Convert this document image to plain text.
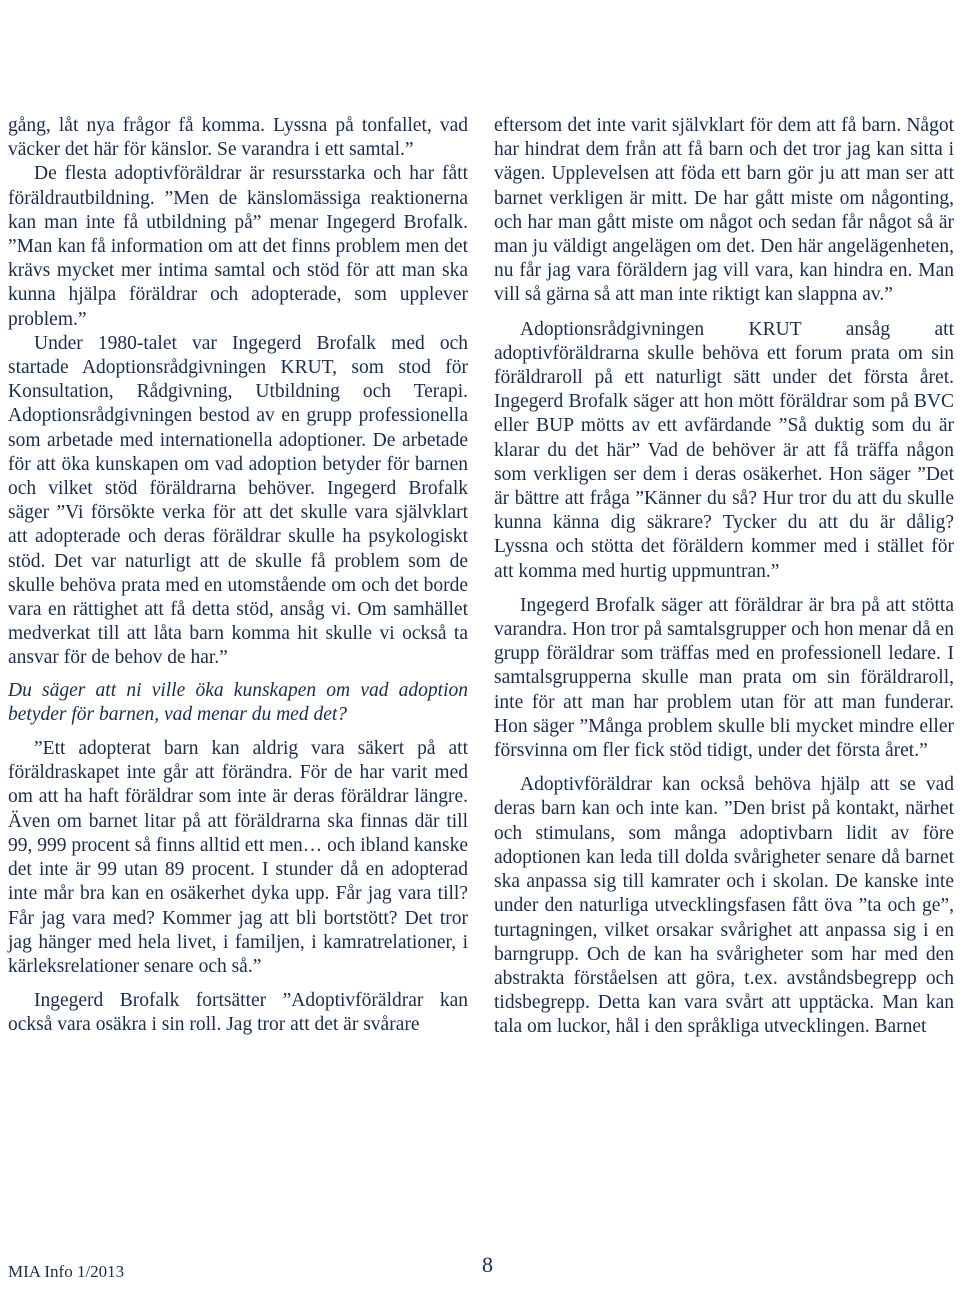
gång, låt nya frågor få komma. Lyssna på tonfallet, vad väcker det här för känslor. Se varandra i ett samtal.”

De flesta adoptivföräldrar är resursstarka och har fått föräldrautbildning. ”Men de känslomässiga reaktionerna kan man inte få utbildning på” menar Ingegerd Brofalk. ”Man kan få information om att det finns problem men det krävs mycket mer intima samtal och stöd för att man ska kunna hjälpa föräldrar och adopterade, som upplever problem.”

Under 1980-talet var Ingegerd Brofalk med och startade Adoptionsrådgivningen KRUT, som stod för Konsultation, Rådgivning, Utbildning och Terapi. Adoptionsrådgivningen bestod av en grupp professionella som arbetade med internationella adoptioner. De arbetade för att öka kunskapen om vad adoption betyder för barnen och vilket stöd föräldrarna behöver. Ingegerd Brofalk säger ”Vi försökte verka för att det skulle vara självklart att adopterade och deras föräldrar skulle ha psykologiskt stöd. Det var naturligt att de skulle få problem som de skulle behöva prata med en utomstående om och det borde vara en rättighet att få detta stöd, ansåg vi. Om samhället medverkat till att låta barn komma hit skulle vi också ta ansvar för de behov de har.”

Du säger att ni ville öka kunskapen om vad adoption betyder för barnen, vad menar du med det?

”Ett adopterat barn kan aldrig vara säkert på att föräldraskapet inte går att förändra. För de har varit med om att ha haft föräldrar som inte är deras föräldrar längre. Även om barnet litar på att föräldrarna ska finnas där till 99, 999 procent så finns alltid ett men… och ibland kanske det inte är 99 utan 89 procent. I stunder då en adopterad inte mår bra kan en osäkerhet dyka upp. Får jag vara till? Får jag vara med? Kommer jag att bli bortstött? Det tror jag hänger med hela livet, i familjen, i kamratrelationer, i kärleksrelationer senare och så.”

Ingegerd Brofalk fortsätter ”Adoptivföräldrar kan också vara osäkra i sin roll. Jag tror att det är svårare

eftersom det inte varit självklart för dem att få barn. Något har hindrat dem från att få barn och det tror jag kan sitta i vägen. Upplevelsen att föda ett barn gör ju att man ser att barnet verkligen är mitt. De har gått miste om någonting, och har man gått miste om något och sedan får något så är man ju väldigt angelägen om det. Den här angelägenheten, nu får jag vara föräldern jag vill vara, kan hindra en. Man vill så gärna så att man inte riktigt kan slappna av.”

Adoptionsrådgivningen KRUT ansåg att adoptivföräldrarna skulle behöva ett forum prata om sin föräldraroll på ett naturligt sätt under det första året. Ingegerd Brofalk säger att hon mött föräldrar som på BVC eller BUP mötts av ett avfärdande ”Så duktig som du är klarar du det här” Vad de behöver är att få träffa någon som verkligen ser dem i deras osäkerhet. Hon säger ”Det är bättre att fråga ”Känner du så? Hur tror du att du skulle kunna känna dig säkrare? Tycker du att du är dålig? Lyssna och stötta det föräldern kommer med i stället för att komma med hurtig uppmuntran.”

Ingegerd Brofalk säger att föräldrar är bra på att stötta varandra. Hon tror på samtalsgrupper och hon menar då en grupp föräldrar som träffas med en professionell ledare. I samtalsgrupperna skulle man prata om sin föräldraroll, inte för att man har problem utan för att man funderar. Hon säger ”Många problem skulle bli mycket mindre eller försvinna om fler fick stöd tidigt, under det första året.”

Adoptivföräldrar kan också behöva hjälp att se vad deras barn kan och inte kan. ”Den brist på kontakt, närhet och stimulans, som många adoptivbarn lidit av före adoptionen kan leda till dolda svårigheter senare då barnet ska anpassa sig till kamrater och i skolan. De kanske inte under den naturliga utvecklingsfasen fått öva ”ta och ge”, turtagningen, vilket orsakar svårighet att anpassa sig i en barngrupp. Och de kan ha svårigheter som har med den abstrakta förståelsen att göra, t.ex. avståndsbegrepp och tidsbegrepp. Detta kan vara svårt att upptäcka. Man kan tala om luckor, hål i den språkliga utvecklingen. Barnet

MIA Info 1/2013	8
